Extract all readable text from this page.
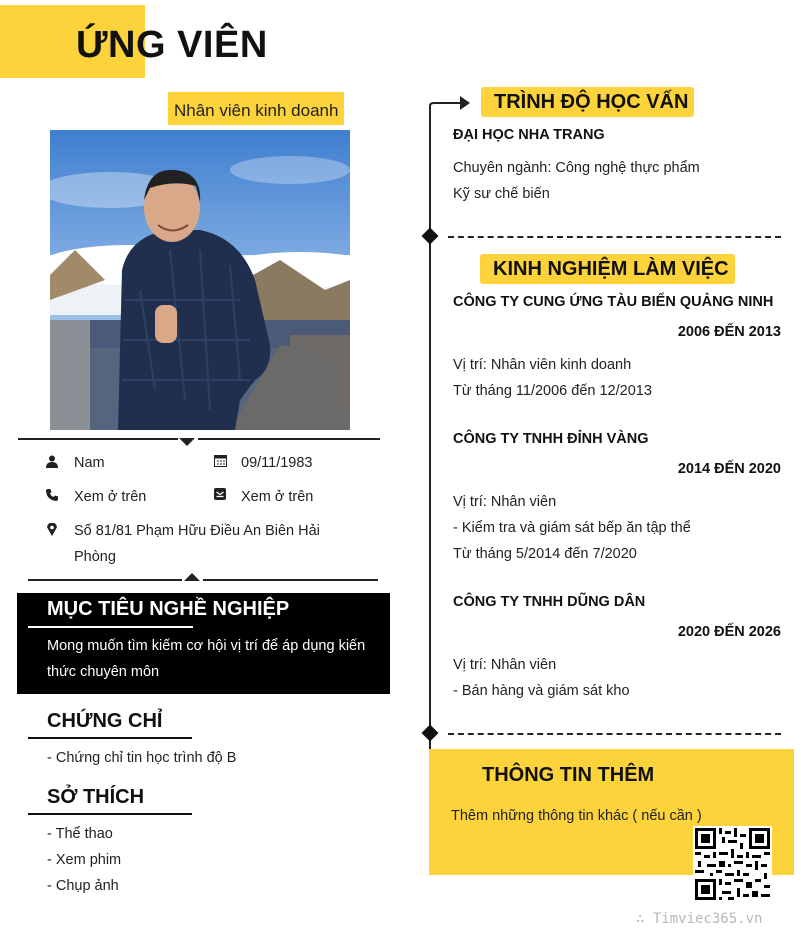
ỨNG VIÊN
Nhân viên kinh doanh
Nam	09/11/1983
Xem ở trên	Xem ở trên
Số 81/81 Phạm Hữu Điều An Biên Hải
Phòng
MỤC TIÊU NGHỀ NGHIỆP
Mong muốn tìm kiếm cơ hội vị trí để áp dụng kiến thức chuyên môn
CHỨNG CHỈ
- Chứng chỉ tin học trình độ B
SỞ THÍCH
- Thể thao
- Xem phim
- Chụp ảnh
TRÌNH ĐỘ HỌC VẤN
ĐẠI HỌC NHA TRANG
Chuyên ngành: Công nghệ thực phẩm
Kỹ sư chế biến
KINH NGHIỆM LÀM VIỆC
CÔNG TY CUNG ỨNG TÀU BIỂN QUẢNG NINH
2006 ĐẾN 2013
Vị trí: Nhân viên kinh doanh
Từ tháng 11/2006 đến 12/2013
CÔNG TY TNHH ĐỈNH VÀNG
2014 ĐẾN 2020
Vị trí: Nhân viên
- Kiểm tra và giám sát bếp ăn tập thể
Từ tháng 5/2014 đến 7/2020
CÔNG TY TNHH DŨNG DÂN
2020 ĐẾN 2026
Vị trí: Nhân viên
- Bán hàng và giám sát kho
THÔNG TIN THÊM
Thêm những thông tin khác ( nếu cần )
∴ Timviec365.vn
